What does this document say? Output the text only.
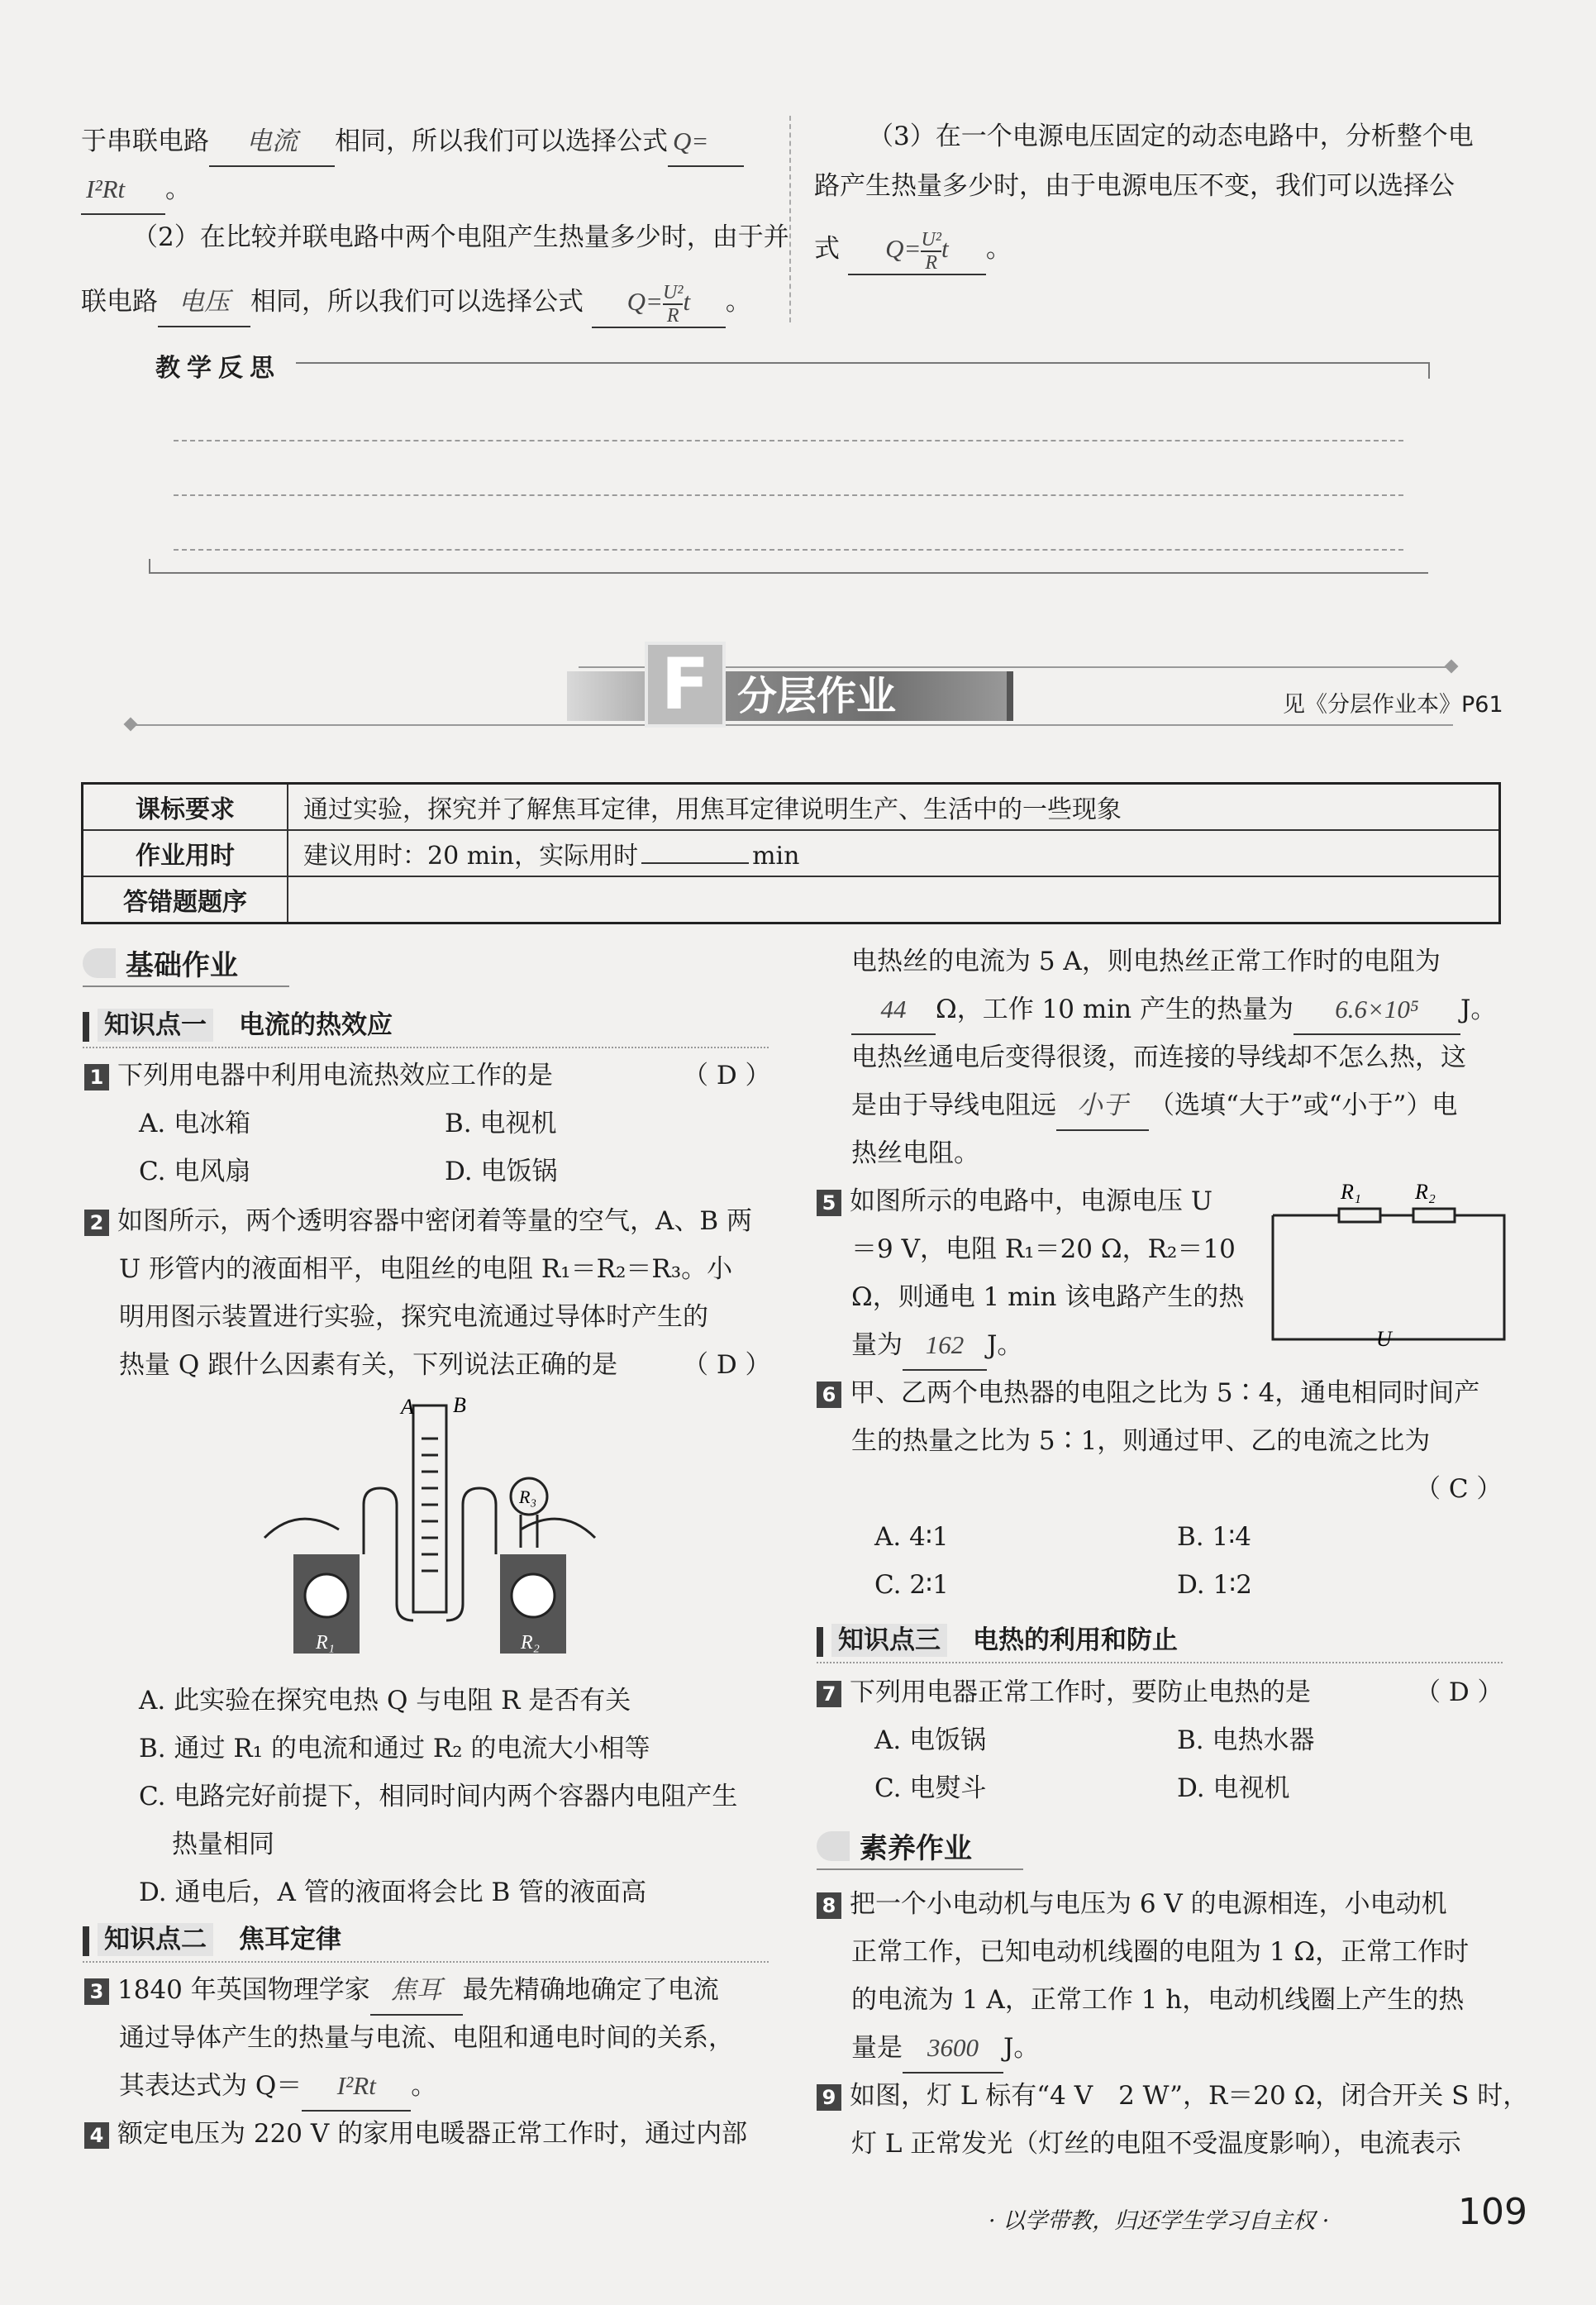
于串联电路 电流 相同，所以我们可以选择公式 Q=
I²Rt 。
（2）在比较并联电路中两个电阻产生热量多少时，由于并
联电路 电压 相同，所以我们可以选择公式 $Q= \frac{\text{U²}}{R}$ t 。
（3）在一个电源电压固定的动态电路中，分析整个电
路产生热量多少时，由于电源电压不变，我们可以选择公
式 $Q= \frac{\text{U²}}{R}$ t 。
教学反思
F 分层作业	见《分层作业本》P61
课标要求	通过实验，探究并了解焦耳定律，用焦耳定律说明生产、生活中的一些现象
作业用时	建议用时：20 min，实际用时 min
答错题题序	
基础作业
知识点一　 电流的热效应
1 下列用电器中利用电流热效应工作的是	（ D ）
A. 电冰箱	B. 电视机
C. 电风扇	D. 电饭锅
2 如图所示，两个透明容器中密闭着等量的空气，A、B 两
U 形管内的液面相平，电阻丝的电阻 R₁＝R₂＝R₃。小
明用图示装置进行实验，探究电流通过导体时产生的
热量 Q 跟什么因素有关，下列说法正确的是	（ D ）
A B
R₃
R₁	R₂
A. 此实验在探究电热 Q 与电阻 R 是否有关
B. 通过 R₁ 的电流和通过 R₂ 的电流大小相等
C. 电路完好前提下，相同时间内两个容器内电阻产生
热量相同
D. 通电后，A 管的液面将会比 B 管的液面高
知识点二　 焦耳定律
3 1840 年英国物理学家 焦耳 最先精确地确定了电流
通过导体产生的热量与电流、电阻和通电时间的关系，
其表达式为 Q＝ I²Rt 。
4 额定电压为 220 V 的家用电暖器正常工作时，通过内部
电热丝的电流为 5 A，则电热丝正常工作时的电阻为
44 Ω，工作 10 min 产生的热量为 6.6×10⁵ J。
电热丝通电后变得很烫，而连接的导线却不怎么热，这
是由于导线电阻远 小于 （选填“大于”或“小于”）电
热丝电阻。
5 如图所示的电路中，电源电压 U
＝9 V，电阻 R₁＝20 Ω，R₂＝10
Ω，则通电 1 min 该电路产生的热
量为 162 J。
R₁	R₂
U
6 甲、乙两个电热器的电阻之比为 5∶4，通电相同时间产
生的热量之比为 5∶1，则通过甲、乙的电流之比为
（ C ）
A. 4∶1	B. 1∶4
C. 2∶1	D. 1∶2
知识点三　 电热的利用和防止
7 下列用电器正常工作时，要防止电热的是	（ D ）
A. 电饭锅	B. 电热水器
C. 电熨斗	D. 电视机
素养作业
8 把一个小电动机与电压为 6 V 的电源相连，小电动机
正常工作，已知电动机线圈的电阻为 1 Ω，正常工作时
的电流为 1 A，正常工作 1 h，电动机线圈上产生的热
量是 3600 J。
9 如图，灯 L 标有“4 V　2 W”，R＝20 Ω，闭合开关 S 时，
灯 L 正常发光（灯丝的电阻不受温度影响），电流表示
· 以学带教，归还学生学习自主权 ·	109
